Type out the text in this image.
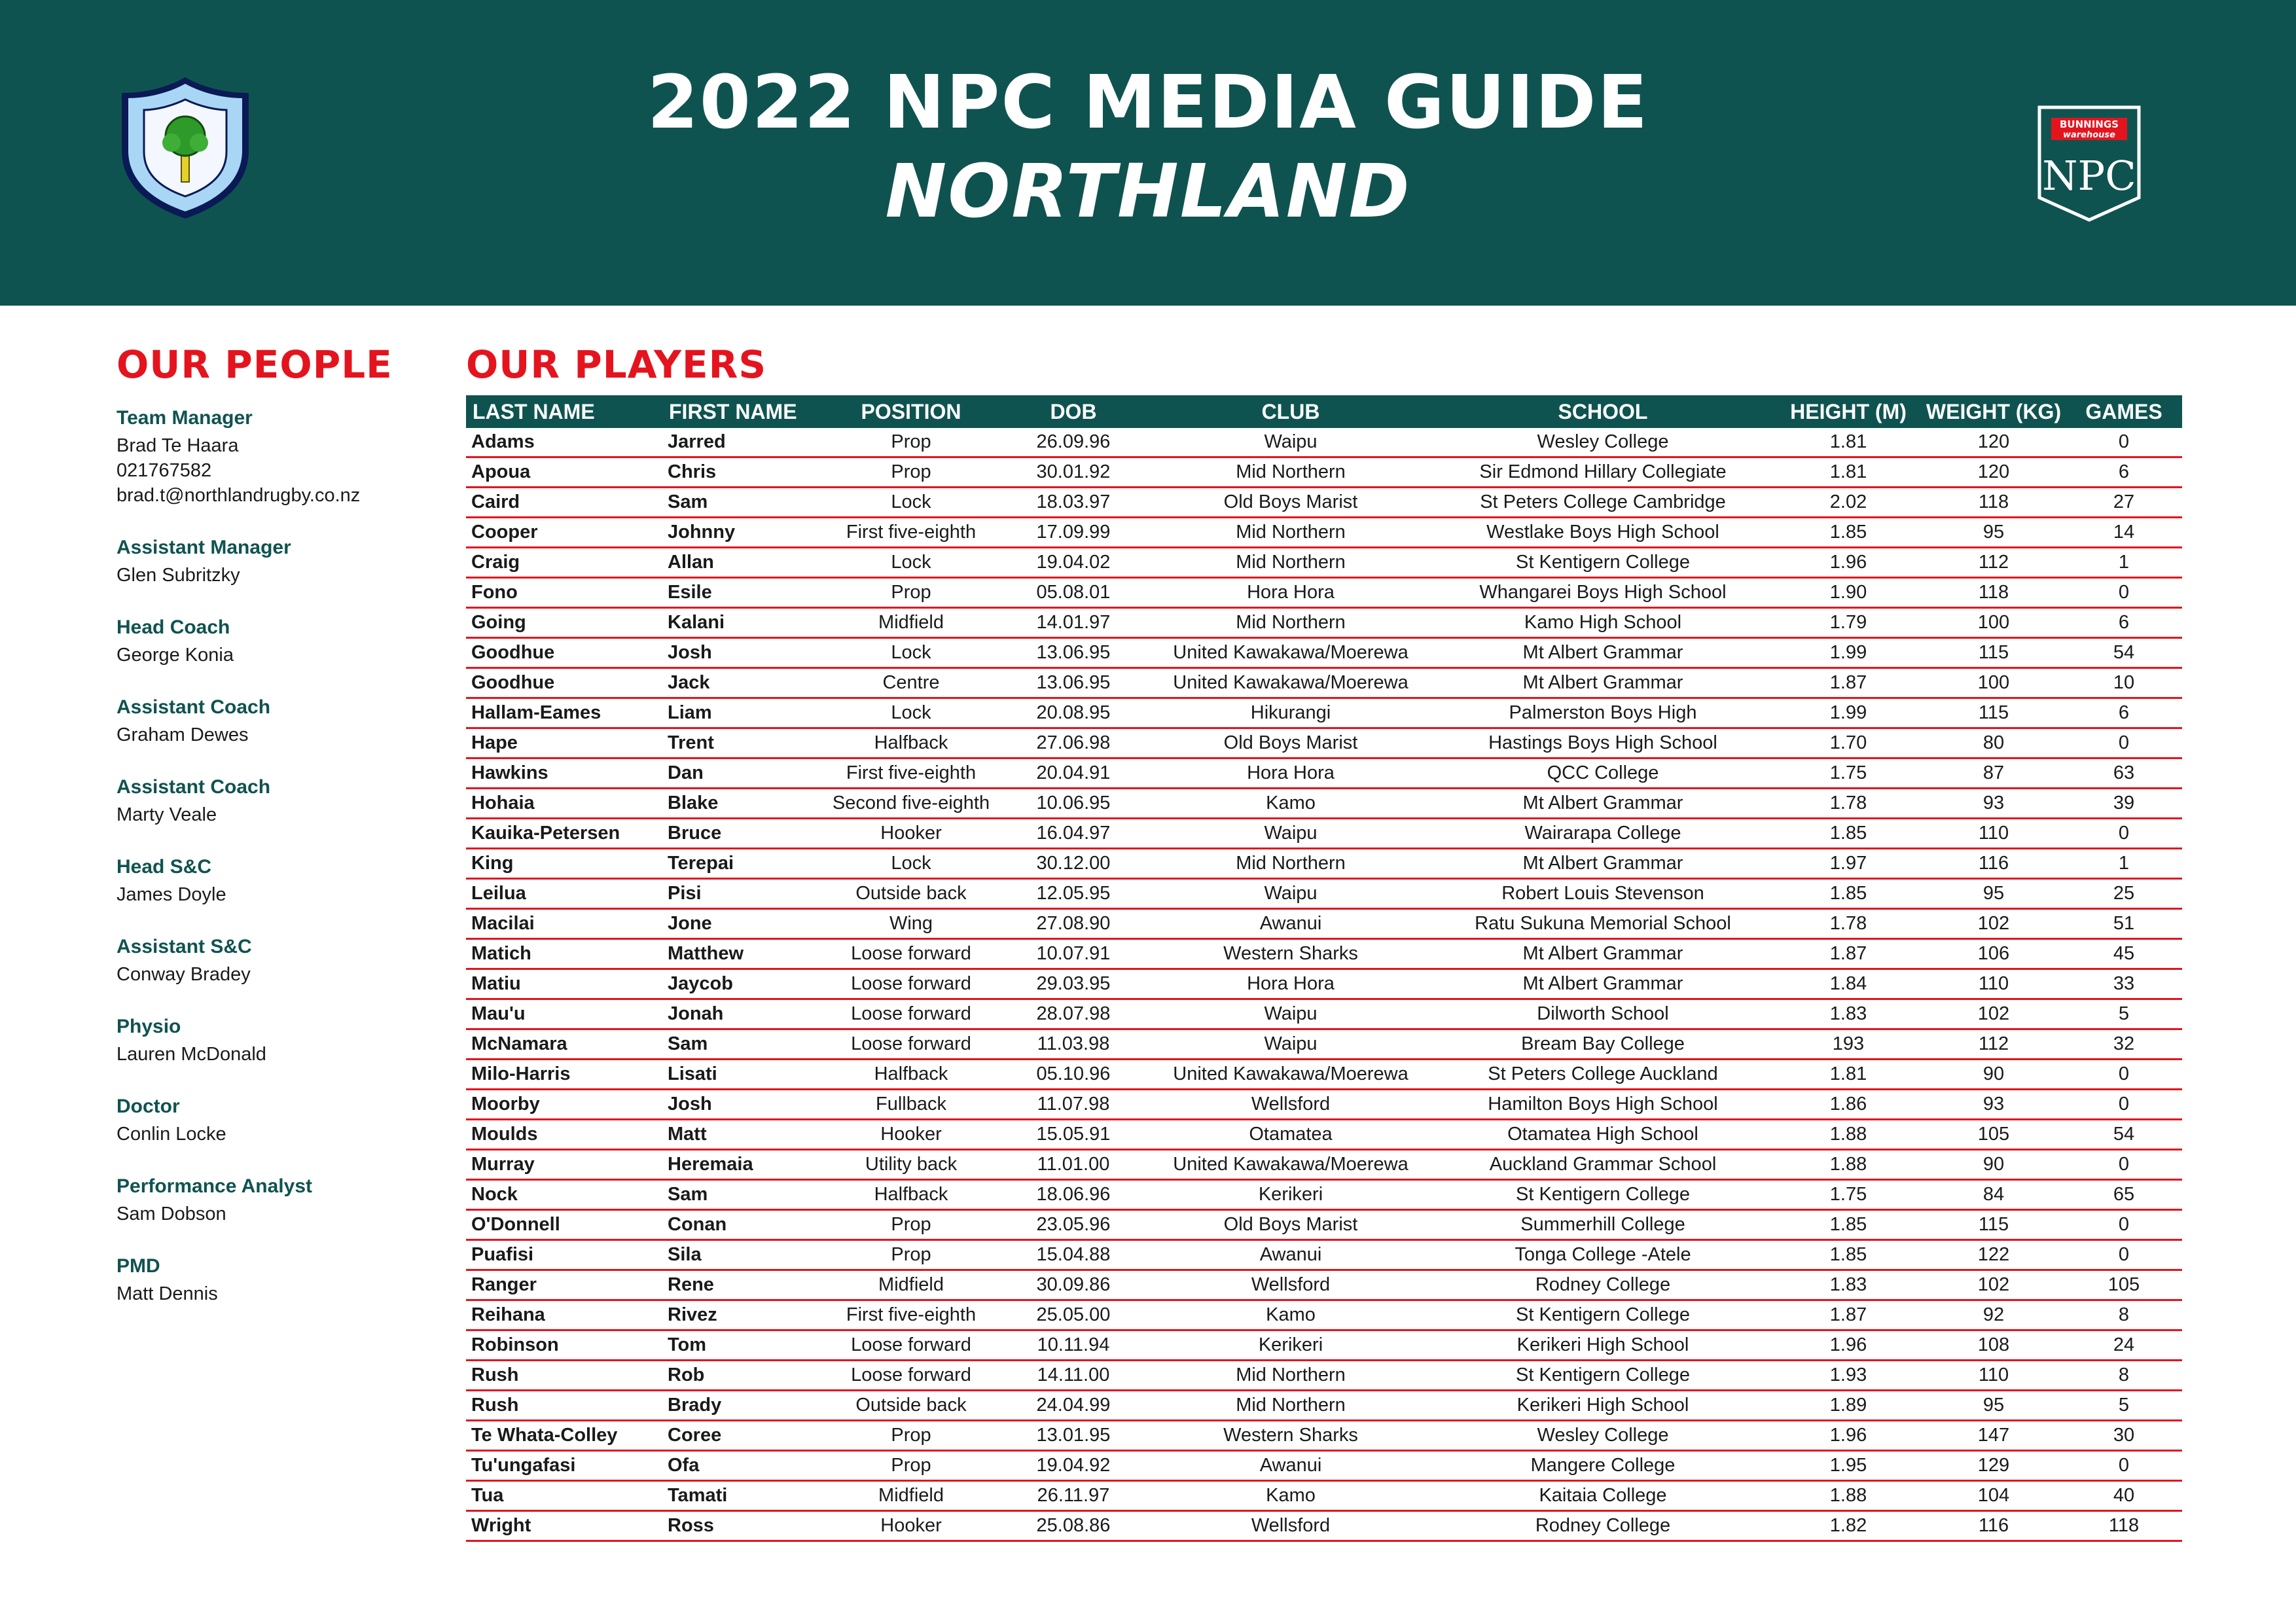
2022 NPC MEDIA GUIDE
NORTHLAND
BUNNINGS
warehouse
NPC
OUR PEOPLE OUR PLAYERS
Team Manager
Brad Te Haara
021767582
brad.t@northlandrugby.co.nz
Assistant Manager
Glen Subritzky
Head Coach
George Konia
Assistant Coach
Graham Dewes
Assistant Coach
Marty Veale
Head S&C
James Doyle
Assistant S&C
Conway Bradey
Physio
Lauren McDonald
Doctor
Conlin Locke
Performance Analyst
Sam Dobson
PMD
Matt Dennis
LAST NAME	FIRST NAME	POSITION	DOB	CLUB	SCHOOL	HEIGHT (M)	WEIGHT (KG)	GAMES
Adams	Jarred	Prop	26.09.96	Waipu	Wesley College	1.81	120	0
Apoua	Chris	Prop	30.01.92	Mid Northern	Sir Edmond Hillary Collegiate	1.81	120	6
Caird	Sam	Lock	18.03.97	Old Boys Marist	St Peters College Cambridge	2.02	118	27
Cooper	Johnny	First five-eighth	17.09.99	Mid Northern	Westlake Boys High School	1.85	95	14
Craig	Allan	Lock	19.04.02	Mid Northern	St Kentigern College	1.96	112	1
Fono	Esile	Prop	05.08.01	Hora Hora	Whangarei Boys High School	1.90	118	0
Going	Kalani	Midfield	14.01.97	Mid Northern	Kamo High School	1.79	100	6
Goodhue	Josh	Lock	13.06.95	United Kawakawa/Moerewa	Mt Albert Grammar	1.99	115	54
Goodhue	Jack	Centre	13.06.95	United Kawakawa/Moerewa	Mt Albert Grammar	1.87	100	10
Hallam-Eames	Liam	Lock	20.08.95	Hikurangi	Palmerston Boys High	1.99	115	6
Hape	Trent	Halfback	27.06.98	Old Boys Marist	Hastings Boys High School	1.70	80	0
Hawkins	Dan	First five-eighth	20.04.91	Hora Hora	QCC College	1.75	87	63
Hohaia	Blake	Second five-eighth	10.06.95	Kamo	Mt Albert Grammar	1.78	93	39
Kauika-Petersen	Bruce	Hooker	16.04.97	Waipu	Wairarapa College	1.85	110	0
King	Terepai	Lock	30.12.00	Mid Northern	Mt Albert Grammar	1.97	116	1
Leilua	Pisi	Outside back	12.05.95	Waipu	Robert Louis Stevenson	1.85	95	25
Macilai	Jone	Wing	27.08.90	Awanui	Ratu Sukuna Memorial School	1.78	102	51
Matich	Matthew	Loose forward	10.07.91	Western Sharks	Mt Albert Grammar	1.87	106	45
Matiu	Jaycob	Loose forward	29.03.95	Hora Hora	Mt Albert Grammar	1.84	110	33
Mau'u	Jonah	Loose forward	28.07.98	Waipu	Dilworth School	1.83	102	5
McNamara	Sam	Loose forward	11.03.98	Waipu	Bream Bay College	193	112	32
Milo-Harris	Lisati	Halfback	05.10.96	United Kawakawa/Moerewa	St Peters College Auckland	1.81	90	0
Moorby	Josh	Fullback	11.07.98	Wellsford	Hamilton Boys High School	1.86	93	0
Moulds	Matt	Hooker	15.05.91	Otamatea	Otamatea High School	1.88	105	54
Murray	Heremaia	Utility back	11.01.00	United Kawakawa/Moerewa	Auckland Grammar School	1.88	90	0
Nock	Sam	Halfback	18.06.96	Kerikeri	St Kentigern College	1.75	84	65
O'Donnell	Conan	Prop	23.05.96	Old Boys Marist	Summerhill College	1.85	115	0
Puafisi	Sila	Prop	15.04.88	Awanui	Tonga College -Atele	1.85	122	0
Ranger	Rene	Midfield	30.09.86	Wellsford	Rodney College	1.83	102	105
Reihana	Rivez	First five-eighth	25.05.00	Kamo	St Kentigern College	1.87	92	8
Robinson	Tom	Loose forward	10.11.94	Kerikeri	Kerikeri High School	1.96	108	24
Rush	Rob	Loose forward	14.11.00	Mid Northern	St Kentigern College	1.93	110	8
Rush	Brady	Outside back	24.04.99	Mid Northern	Kerikeri High School	1.89	95	5
Te Whata-Colley	Coree	Prop	13.01.95	Western Sharks	Wesley College	1.96	147	30
Tu'ungafasi	Ofa	Prop	19.04.92	Awanui	Mangere College	1.95	129	0
Tua	Tamati	Midfield	26.11.97	Kamo	Kaitaia College	1.88	104	40
Wright	Ross	Hooker	25.08.86	Wellsford	Rodney College	1.82	116	118
